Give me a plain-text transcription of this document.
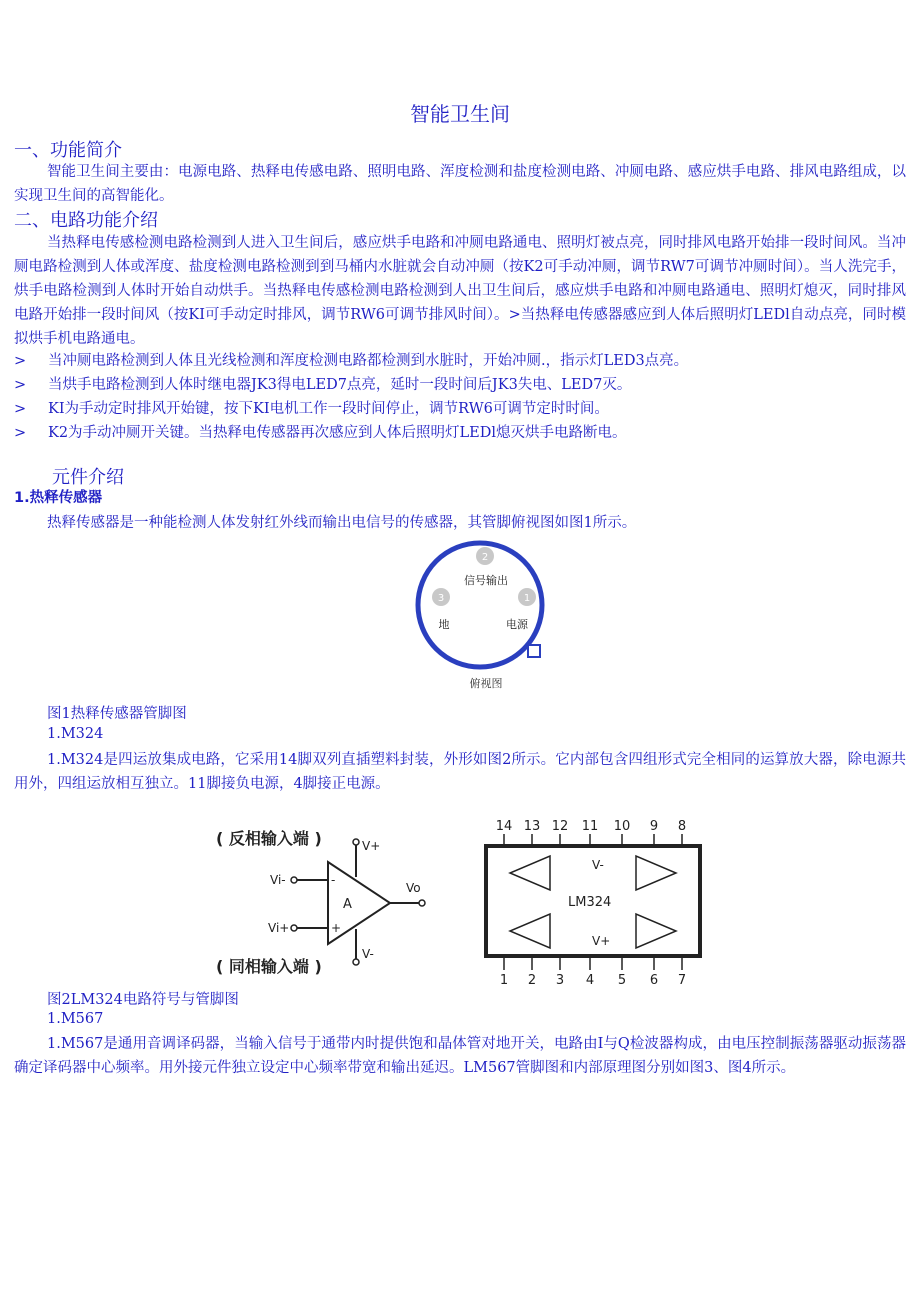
智能卫生间
一、功能简介
智能卫生间主要由：电源电路、热释电传感电路、照明电路、浑度检测和盐度检测电路、冲厕电路、感应烘手电路、排风电路组成，以实现卫生间的高智能化。
二、电路功能介绍
当热释电传感检测电路检测到人进入卫生间后，感应烘手电路和冲厕电路通电、照明灯被点亮，同时排风电路开始排一段时间风。当冲厕电路检测到人体或浑度、盐度检测电路检测到到马桶内水脏就会自动冲厕（按K2可手动冲厕，调节RW7可调节冲厕时间）。当人洗完手，烘手电路检测到人体时开始自动烘手。当热释电传感检测电路检测到人出卫生间后，感应烘手电路和冲厕电路通电、照明灯熄灭，同时排风电路开始排一段时间风（按KI可手动定时排风，调节RW6可调节排风时间）。>当热释电传感器感应到人体后照明灯LEDl自动点亮，同时模拟烘手机电路通电。
> 当冲厕电路检测到人体且光线检测和浑度检测电路都检测到水脏时，开始冲厕.，指示灯LED3点亮。
> 当烘手电路检测到人体时继电器JK3得电LED7点亮，延时一段时间后JK3失电、LED7灭。
> KI为手动定时排风开始键，按下KI电机工作一段时间停止，调节RW6可调节定时时间。
> K2为手动冲厕开关键。当热释电传感器再次感应到人体后照明灯LEDl熄灭烘手电路断电。
元件介绍
1.热释传感器
热释传感器是一种能检测人体发射红外线而输出电信号的传感器，其管脚俯视图如图1所示。
2
信号输出
3	1
地	电源
俯视图
图1热释传感器管脚图
1.M324
1.M324是四运放集成电路，它采用14脚双列直插塑料封装，外形如图2所示。它内部包含四组形式完全相同的运算放大器，除电源共用外，四组运放相互独立。11脚接负电源，4脚接正电源。
( 反相输入端 )
( 同相输入端 )
V+
V-
Vi-
Vi+
Vo
-
+
A
14 13 12 11 10 9 8
1 2 3 4 5 6 7
V-
V+
LM324
图2LM324电路符号与管脚图
1.M567
1.M567是通用音调译码器，当输入信号于通带内时提供饱和晶体管对地开关，电路由I与Q检波器构成，由电压控制振荡器驱动振荡器确定译码器中心频率。用外接元件独立设定中心频率带宽和输出延迟。LM567管脚图和内部原理图分别如图3、图4所示。
